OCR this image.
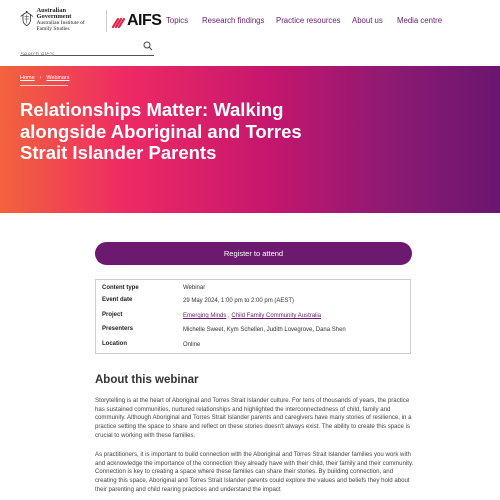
Australian Government
Australian Institute of
Family Studies	AIFS Topics Research findings Practice resources About us Media centre
Search AIFS
Home › Webinars
Relationships Matter: Walking alongside Aboriginal and Torres Strait Islander Parents
Register to attend
Content type	Webinar
Event date	29 May 2024, 1:00 pm to 2:00 pm (AEST)
Project	Emerging Minds , Child Family Community Australia
Presenters	Michelle Sweet, Kym Schellen, Judith Lovegrove, Dana Shen
Location	Online
About this webinar

Storytelling is at the heart of Aboriginal and Torres Strait Islander culture. For tens of thousands of years, the practice has sustained communities, nurtured relationships and highlighted the interconnectedness of child, family and community. Although Aboriginal and Torres Strait Islander parents and caregivers have many stories of resilience, in a practice setting the space to share and reflect on these stories doesn't always exist. The ability to create this space is crucial to working with these families.

As practitioners, it is important to build connection with the Aboriginal and Torres Strait Islander families you work with and acknowledge the importance of the connection they already have with their child, their family and their community. Connection is key to creating a space where these families can share their stories. By building connection, and creating this space, Aboriginal and Torres Strait Islander parents could explore the values and beliefs they hold about their parenting and child rearing practices and understand the impact
